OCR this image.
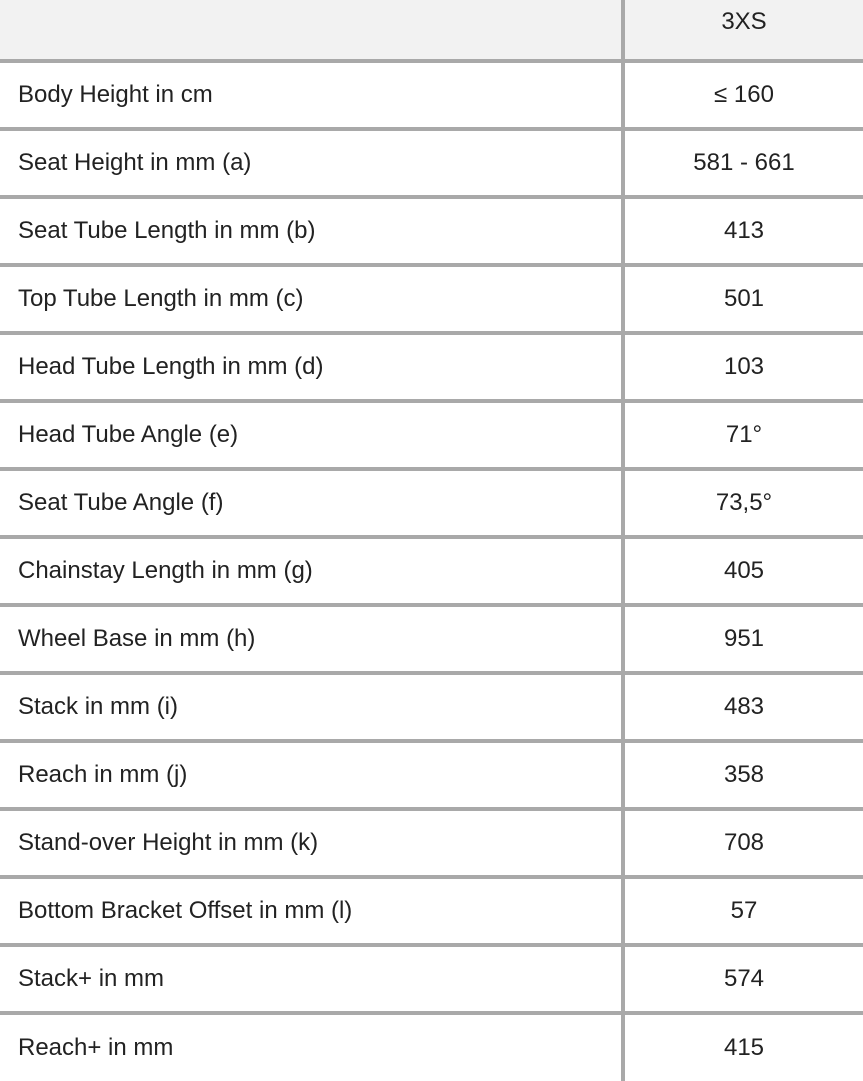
3XS
Body Height in cm	≤ 160
Seat Height in mm (a)	581 - 661
Seat Tube Length in mm (b)	413
Top Tube Length in mm (c)	501
Head Tube Length in mm (d)	103
Head Tube Angle (e)	71°
Seat Tube Angle (f)	73,5°
Chainstay Length in mm (g)	405
Wheel Base in mm (h)	951
Stack in mm (i)	483
Reach in mm (j)	358
Stand-over Height in mm (k)	708
Bottom Bracket Offset in mm (l)	57
Stack+ in mm	574
Reach+ in mm	415
